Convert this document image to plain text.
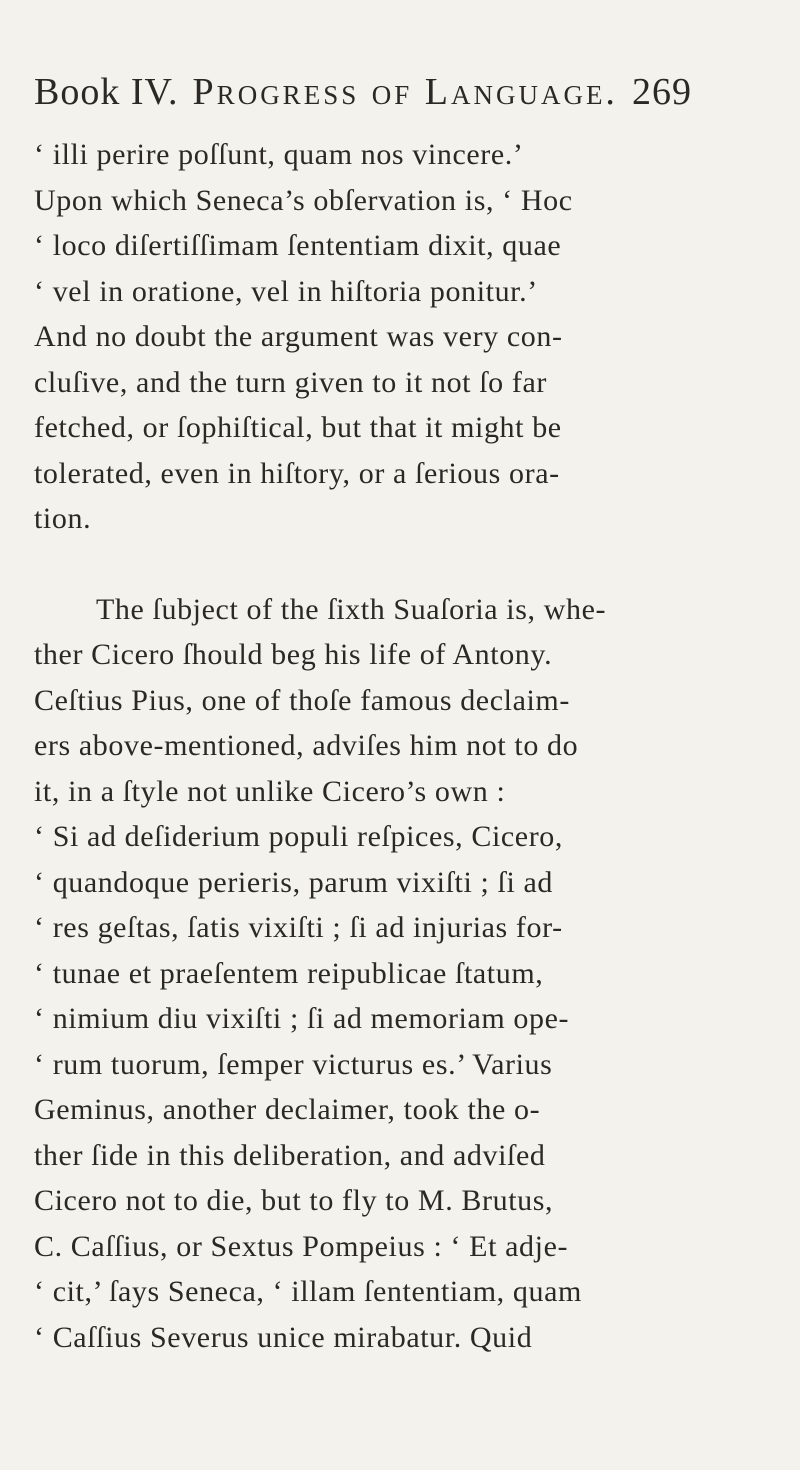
Book IV. Progress of Language. 269
‘ illi perire poſſunt, quam nos vincere.’
Upon which Seneca’s obſervation is, ‘ Hoc
‘ loco diſertiſſimam ſententiam dixit, quae
‘ vel in oratione, vel in hiſtoria ponitur.’
And no doubt the argument was very con-
cluſive, and the turn given to it not ſo far
fetched, or ſophiſtical, but that it might be
tolerated, even in hiſtory, or a ſerious ora-
tion.
The ſubject of the ſixth Suaſoria is, whe-
ther Cicero ſhould beg his life of Antony.
Ceſtius Pius, one of thoſe famous declaim-
ers above-mentioned, adviſes him not to do
it, in a ſtyle not unlike Cicero’s own :
‘ Si ad deſiderium populi reſpices, Cicero,
‘ quandoque perieris, parum vixiſti ; ſi ad
‘ res geſtas, ſatis vixiſti ; ſi ad injurias for-
‘ tunae et praeſentem reipublicae ſtatum,
‘ nimium diu vixiſti ; ſi ad memoriam ope-
‘ rum tuorum, ſemper victurus es.’ Varius
Geminus, another declaimer, took the o-
ther ſide in this deliberation, and adviſed
Cicero not to die, but to fly to M. Brutus,
C. Caſſius, or Sextus Pompeius : ‘ Et adje-
‘ cit,’ ſays Seneca, ‘ illam ſententiam, quam
‘ Caſſius Severus unice mirabatur. Quid
